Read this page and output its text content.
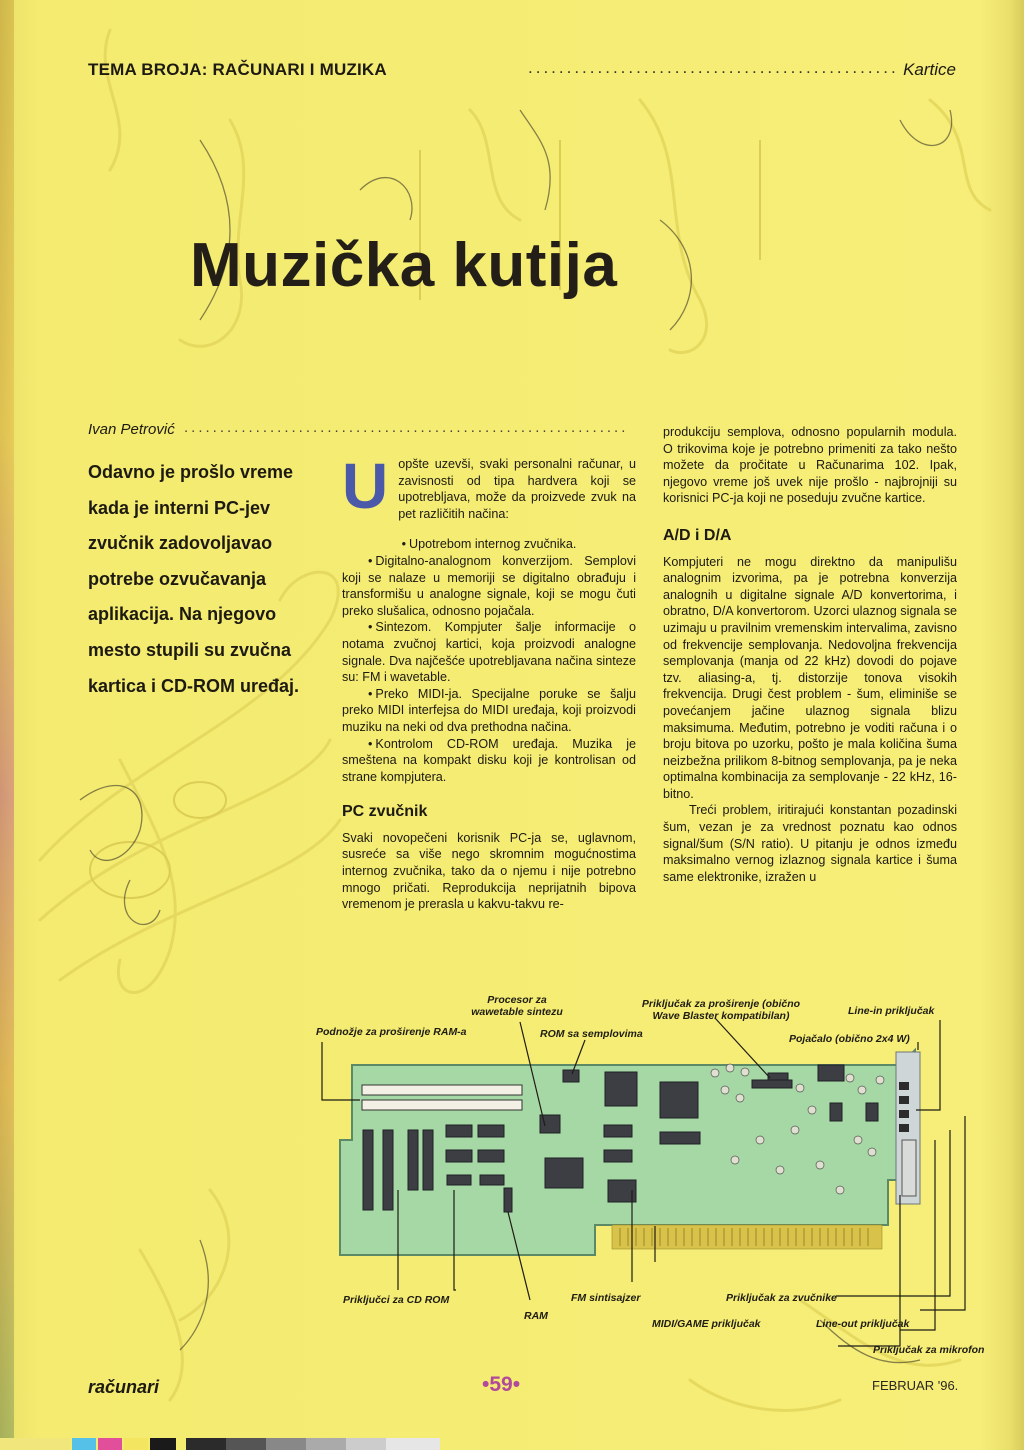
TEMA BROJA: RAČUNARI I MUZIKA	................................................ Kartice
Muzička kutija
Ivan Petrović ..............................................................
Odavno je prošlo vreme kada je interni PC-jev zvučnik zadovoljavao potrebe ozvučavanja aplikacija. Na njegovo mesto stupili su zvučna kartica i CD-ROM uređaj.

Uopšte uzevši, svaki personalni računar, u zavisnosti od tipa hardvera koji se upotrebljava, može da proizvede zvuk na pet različitih načina:

• Upotrebom internog zvučnika.

• Digitalno-analognom konverzijom. Semplovi koji se nalaze u memoriji se digitalno obrađuju i transformišu u analogne signale, koji se mogu čuti preko slušalica, odnosno pojačala.

• Sintezom. Kompjuter šalje informacije o notama zvučnoj kartici, koja proizvodi analogne signale. Dva najčešće upotrebljavana načina sinteze su: FM i wavetable.

• Preko MIDI-ja. Specijalne poruke se šalju preko MIDI interfejsa do MIDI uređaja, koji proizvodi muziku na neki od dva prethodna načina.

• Kontrolom CD-ROM uređaja. Muzika je smeštena na kompakt disku koji je kontrolisan od strane kompjutera.

PC zvučnik

Svaki novopečeni korisnik PC-ja se, uglavnom, susreće sa više nego skromnim mogućnostima internog zvučnika, tako da o njemu i nije potrebno mnogo pričati. Reprodukcija neprijatnih bipova vremenom je prerasla u kakvu-takvu re-

produkciju semplova, odnosno popularnih modula. O trikovima koje je potrebno primeniti za tako nešto možete da pročitate u Računarima 102. Ipak, njegovo vreme još uvek nije prošlo - najbrojniji su korisnici PC-ja koji ne poseduju zvučne kartice.

A/D i D/A

Kompjuteri ne mogu direktno da manipulišu analognim izvorima, pa je potrebna konverzija analognih u digitalne signale A/D konvertorima, i obratno, D/A konvertorom. Uzorci ulaznog signala se uzimaju u pravilnim vremenskim intervalima, zavisno od frekvencije semplovanja. Nedovoljna frekvencija semplovanja (manja od 22 kHz) dovodi do pojave tzv. aliasing-a, tj. distorzije tonova visokih frekvencija. Drugi čest problem - šum, eliminiše se povećanjem jačine ulaznog signala blizu maksimuma. Međutim, potrebno je voditi računa i o broju bitova po uzorku, pošto je mala količina šuma neizbežna prilikom 8-bitnog semplovanja, pa je neka optimalna kombinacija za semplovanje - 22 kHz, 16-bitno.

Treći problem, iritirajući konstantan pozadinski šum, vezan je za vrednost poznatu kao odnos signal/šum (S/N ratio). U pitanju je odnos između maksimalno vernog izlaznog signala kartice i šuma same elektronike, izražen u

Procesor za wawetable sintezu
Podnožje za proširenje RAM-a	ROM sa semplovima
Priključak za proširenje (obično Wave Blaster kompatibilan)	Line-in priključak
Pojačalo (obično 2x4 W)
Priključci za CD ROM
RAM
FM sintisajzer
MIDI/GAME priključak
Priključak za zvučnike
Line-out priključak
Priključak za mikrofon
računari	•59•	FEBRUAR '96.
